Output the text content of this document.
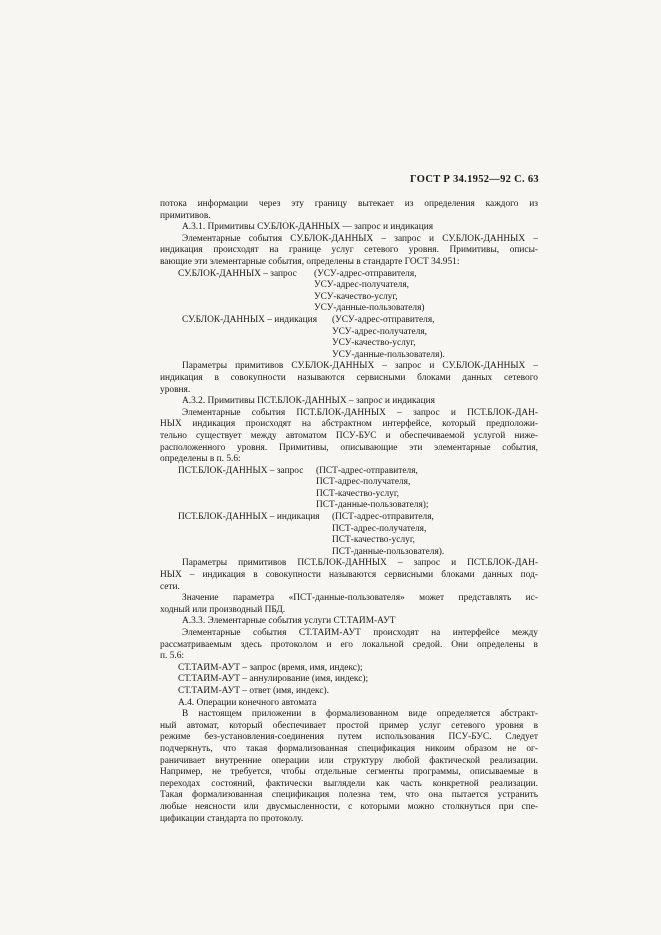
ГОСТ Р 34.1952—92 С. 63
потока информации через эту границу вытекает из определения каждого из
примитивов.
А.3.1. Примитивы СУ.БЛОК-ДАННЫХ — запрос и индикация
Элементарные события СУ.БЛОК-ДАННЫХ – запрос и СУ.БЛОК-ДАННЫХ –
индикация происходят на границе услуг сетевого уровня. Примитивы, описы-
вающие эти элементарные события, определены в стандарте ГОСТ 34.951:
СУ.БЛОК-ДАННЫХ – запрос (УСУ-адрес-отправителя,
УСУ-адрес-получателя,
УСУ-качество-услуг,
УСУ-данные-пользователя)
СУ.БЛОК-ДАННЫХ – индикация (УСУ-адрес-отправителя,
УСУ-адрес-получателя,
УСУ-качество-услуг,
УСУ-данные-пользователя).
Параметры примитивов СУ.БЛОК-ДАННЫХ – запрос и СУ.БЛОК-ДАННЫХ –
индикация в совокупности называются сервисными блоками данных сетевого
уровня.
А.3.2. Примитивы ПСТ.БЛОК-ДАННЫХ – запрос и индикация
Элементарные события ПСТ.БЛОК-ДАННЫХ – запрос и ПСТ.БЛОК-ДАН-
НЫХ индикация происходят на абстрактном интерфейсе, который предположи-
тельно существует между автоматом ПСУ-БУС и обеспечиваемой услугой ниже-
расположенного уровня. Примитивы, описывающие эти элементарные события,
определены в п. 5.6:
ПСТ.БЛОК-ДАННЫХ – запрос (ПСТ-адрес-отправителя,
ПСТ-адрес-получателя,
ПСТ-качество-услуг,
ПСТ-данные-пользователя);
ПСТ.БЛОК-ДАННЫХ – индикация (ПСТ-адрес-отправителя,
ПСТ-адрес-получателя,
ПСТ-качество-услуг,
ПСТ-данные-пользователя).
Параметры примитивов ПСТ.БЛОК-ДАННЫХ – запрос и ПСТ.БЛОК-ДАН-
НЫХ – индикация в совокупности называются сервисными блоками данных под-
сети.
Значение параметра «ПСТ-данные-пользователя» может представлять ис-
ходный или производный ПБД.
А.3.3. Элементарные события услуги СТ.ТАЙМ-АУТ
Элементарные события СТ.ТАЙМ-АУТ происходят на интерфейсе между
рассматриваемым здесь протоколом и его локальной средой. Они определены в
п. 5.6:
СТ.ТАЙМ-АУТ – запрос (время, имя, индекс);
СТ.ТАЙМ-АУТ – аннулирование (имя, индекс);
СТ.ТАЙМ-АУТ – ответ (имя, индекс).
А.4. Операции конечного автомата
В настоящем приложении в формализованном виде определяется абстракт-
ный автомат, который обеспечивает простой пример услуг сетевого уровня в
режиме без-установления-соединения путем использования ПСУ-БУС. Следует
подчеркнуть, что такая формализованная спецификация никоим образом не ог-
раничивает внутренние операции или структуру любой фактической реализации.
Например, не требуется, чтобы отдельные сегменты программы, описываемые в
переходах состояний, фактически выглядели как часть конкретной реализации.
Такая формализованная спецификация полезна тем, что она пытается устранить
любые неясности или двусмысленности, с которыми можно столкнуться при спе-
цификации стандарта по протоколу.
